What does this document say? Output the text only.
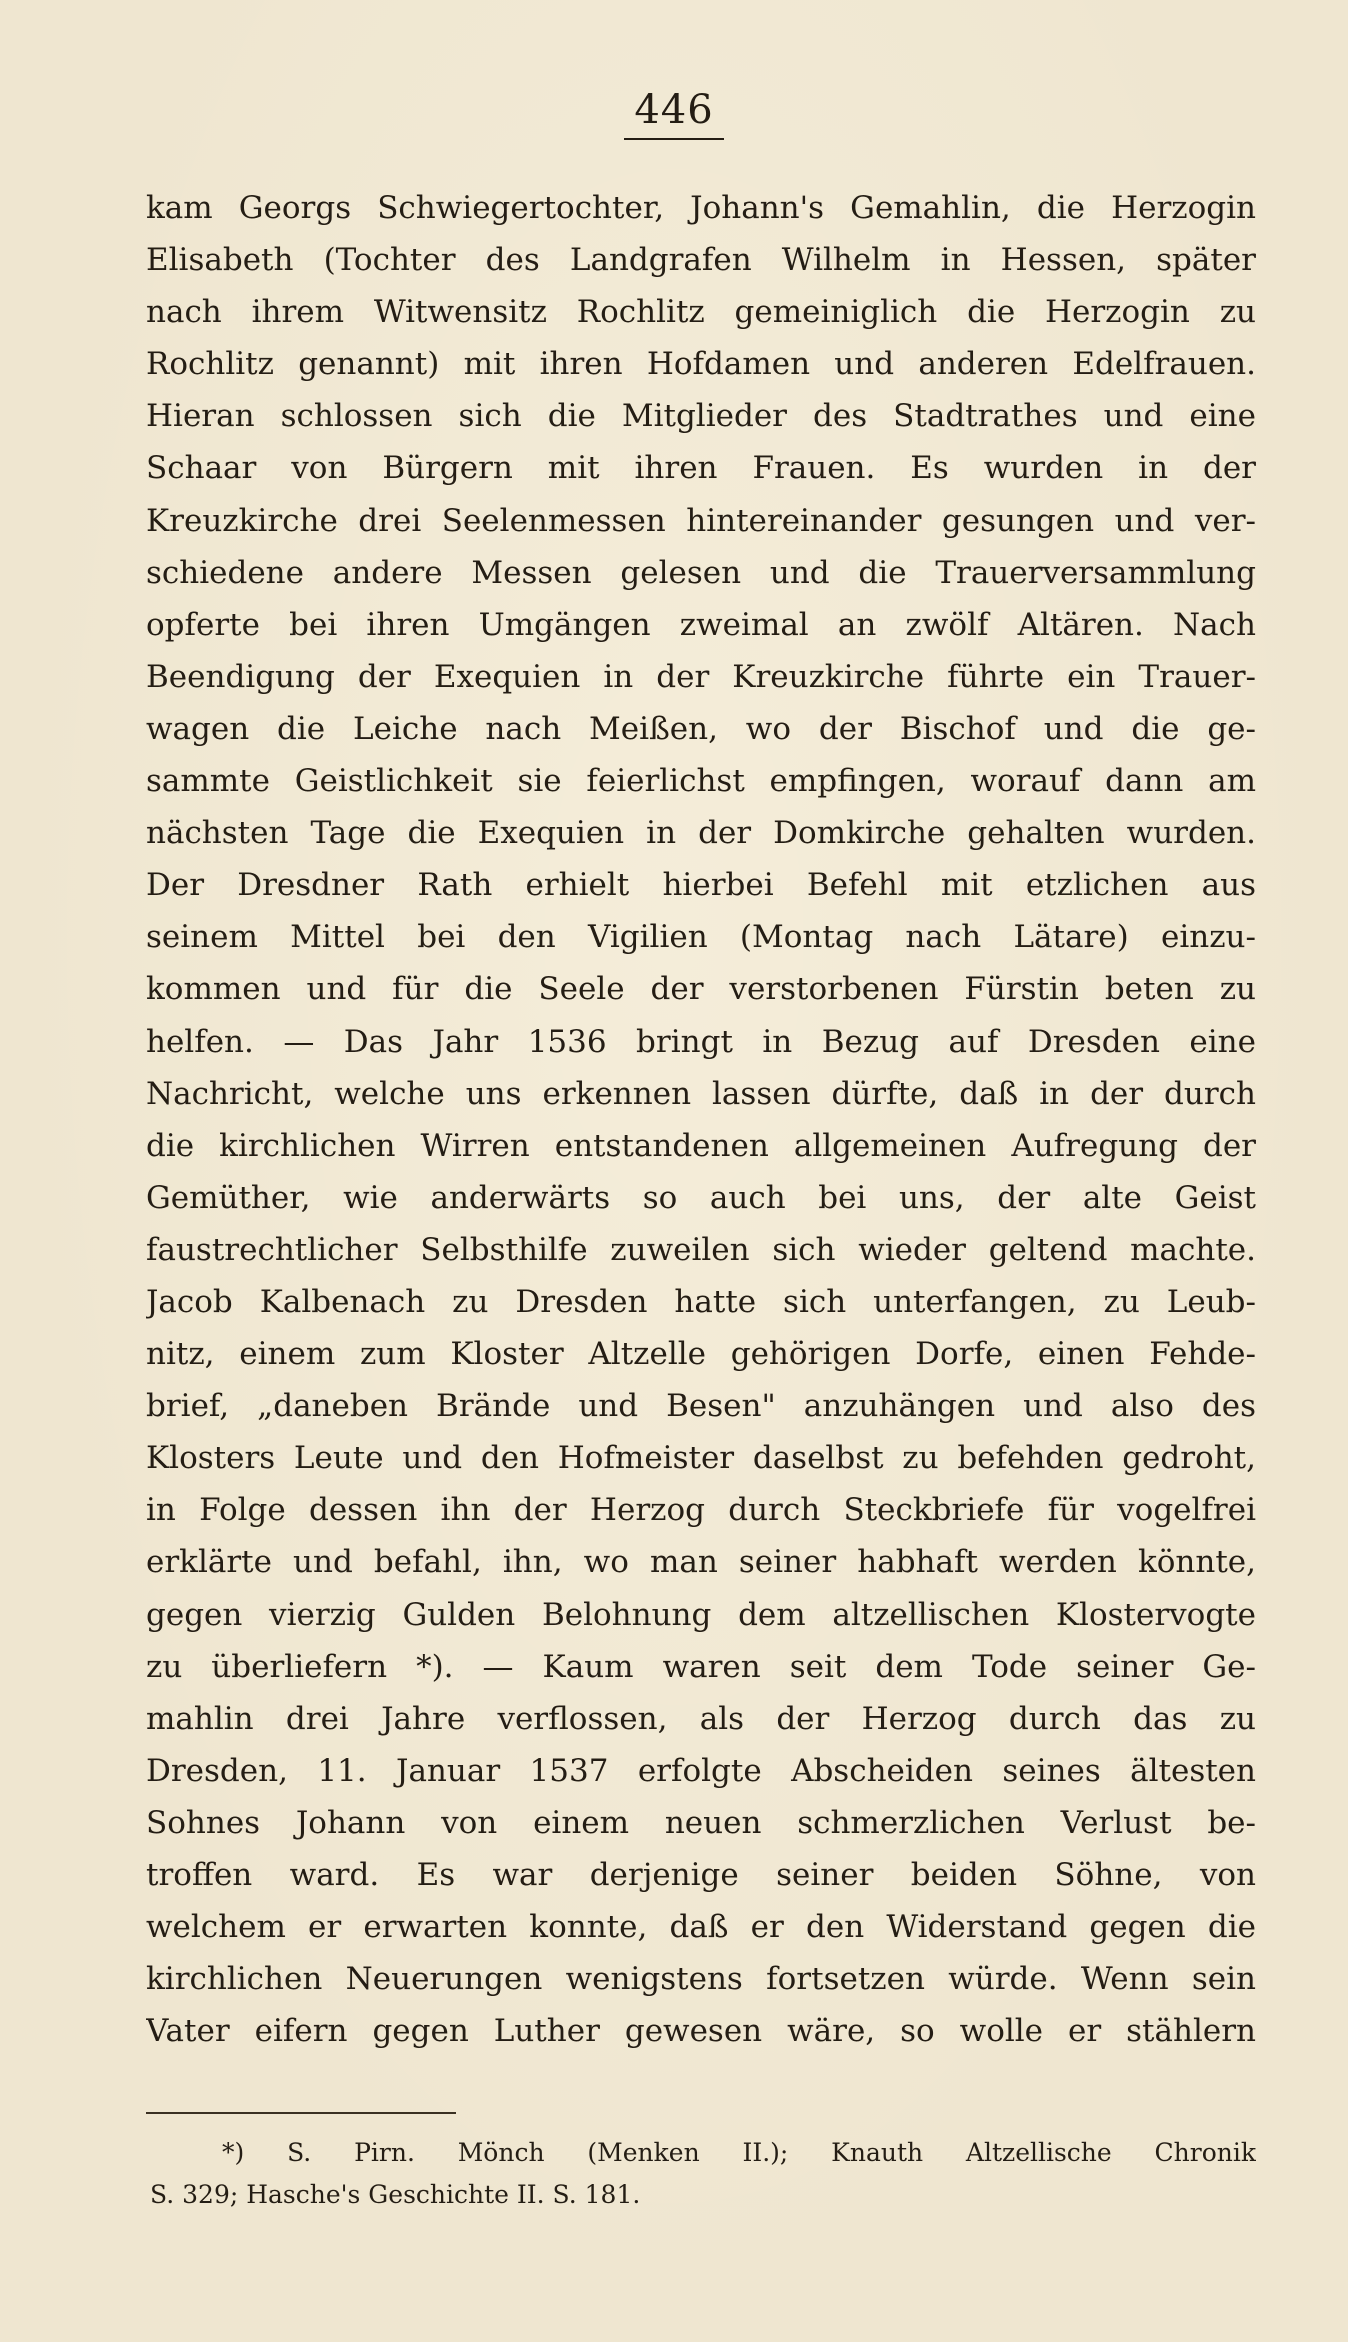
446
kam Georgs Schwiegertochter, Johann's Gemahlin, die Herzogin
Elisabeth (Tochter des Landgrafen Wilhelm in Hessen, später
nach ihrem Witwensitz Rochlitz gemeiniglich die Herzogin zu
Rochlitz genannt) mit ihren Hofdamen und anderen Edelfrauen.
Hieran schlossen sich die Mitglieder des Stadtrathes und eine
Schaar von Bürgern mit ihren Frauen. Es wurden in der
Kreuzkirche drei Seelenmessen hintereinander gesungen und ver-
schiedene andere Messen gelesen und die Trauerversammlung
opferte bei ihren Umgängen zweimal an zwölf Altären. Nach
Beendigung der Exequien in der Kreuzkirche führte ein Trauer-
wagen die Leiche nach Meißen, wo der Bischof und die ge-
sammte Geistlichkeit sie feierlichst empfingen, worauf dann am
nächsten Tage die Exequien in der Domkirche gehalten wurden.
Der Dresdner Rath erhielt hierbei Befehl mit etzlichen aus
seinem Mittel bei den Vigilien (Montag nach Lätare) einzu-
kommen und für die Seele der verstorbenen Fürstin beten zu
helfen. — Das Jahr 1536 bringt in Bezug auf Dresden eine
Nachricht, welche uns erkennen lassen dürfte, daß in der durch
die kirchlichen Wirren entstandenen allgemeinen Aufregung der
Gemüther, wie anderwärts so auch bei uns, der alte Geist
faustrechtlicher Selbsthilfe zuweilen sich wieder geltend machte.
Jacob Kalbenach zu Dresden hatte sich unterfangen, zu Leub-
nitz, einem zum Kloster Altzelle gehörigen Dorfe, einen Fehde-
brief, „daneben Brände und Besen" anzuhängen und also des
Klosters Leute und den Hofmeister daselbst zu befehden gedroht,
in Folge dessen ihn der Herzog durch Steckbriefe für vogelfrei
erklärte und befahl, ihn, wo man seiner habhaft werden könnte,
gegen vierzig Gulden Belohnung dem altzellischen Klostervogte
zu überliefern *). — Kaum waren seit dem Tode seiner Ge-
mahlin drei Jahre verflossen, als der Herzog durch das zu
Dresden, 11. Januar 1537 erfolgte Abscheiden seines ältesten
Sohnes Johann von einem neuen schmerzlichen Verlust be-
troffen ward. Es war derjenige seiner beiden Söhne, von
welchem er erwarten konnte, daß er den Widerstand gegen die
kirchlichen Neuerungen wenigstens fortsetzen würde. Wenn sein
Vater eifern gegen Luther gewesen wäre, so wolle er stählern
*) S. Pirn. Mönch (Menken II.); Knauth Altzellische Chronik
S. 329; Hasche's Geschichte II. S. 181.
